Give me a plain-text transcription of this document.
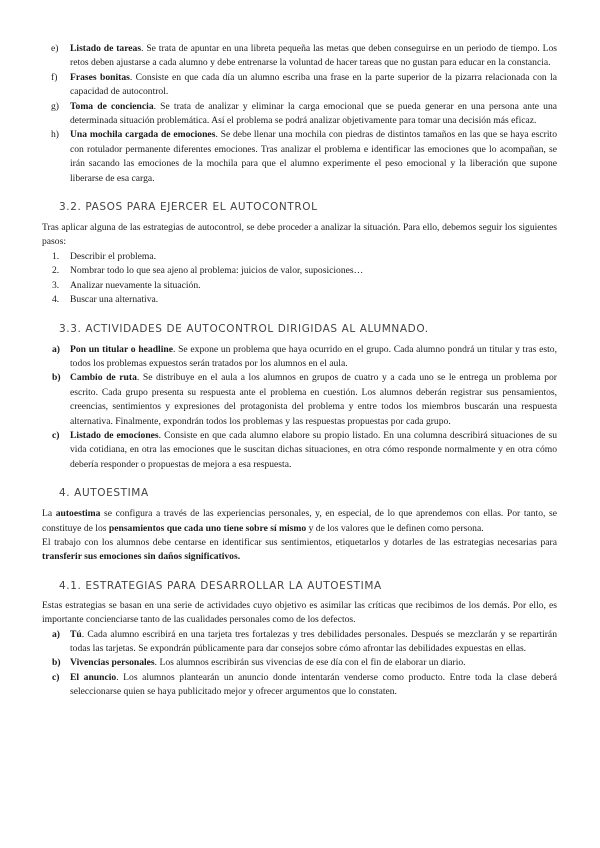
e) Listado de tareas. Se trata de apuntar en una libreta pequeña las metas que deben conseguirse en un periodo de tiempo. Los retos deben ajustarse a cada alumno y debe entrenarse la voluntad de hacer tareas que no gustan para educar en la constancia.
f) Frases bonitas. Consiste en que cada día un alumno escriba una frase en la parte superior de la pizarra relacionada con la capacidad de autocontrol.
g) Toma de conciencia. Se trata de analizar y eliminar la carga emocional que se pueda generar en una persona ante una determinada situación problemática. Así el problema se podrá analizar objetivamente para tomar una decisión más eficaz.
h) Una mochila cargada de emociones. Se debe llenar una mochila con piedras de distintos tamaños en las que se haya escrito con rotulador permanente diferentes emociones. Tras analizar el problema e identificar las emociones que lo acompañan, se irán sacando las emociones de la mochila para que el alumno experimente el peso emocional y la liberación que supone liberarse de esa carga.
3.2. PASOS PARA EJERCER EL AUTOCONTROL

Tras aplicar alguna de las estrategias de autocontrol, se debe proceder a analizar la situación. Para ello, debemos seguir los siguientes pasos:

1. Describir el problema.
2. Nombrar todo lo que sea ajeno al problema: juicios de valor, suposiciones…
3. Analizar nuevamente la situación.
4. Buscar una alternativa.
3.3. ACTIVIDADES DE AUTOCONTROL DIRIGIDAS AL ALUMNADO.
a) Pon un titular o headline. Se expone un problema que haya ocurrido en el grupo. Cada alumno pondrá un titular y tras esto, todos los problemas expuestos serán tratados por los alumnos en el aula.
b) Cambio de ruta. Se distribuye en el aula a los alumnos en grupos de cuatro y a cada uno se le entrega un problema por escrito. Cada grupo presenta su respuesta ante el problema en cuestión. Los alumnos deberán registrar sus pensamientos, creencias, sentimientos y expresiones del protagonista del problema y entre todos los miembros buscarán una respuesta alternativa. Finalmente, expondrán todos los problemas y las respuestas propuestas por cada grupo.
c) Listado de emociones. Consiste en que cada alumno elabore su propio listado. En una columna describirá situaciones de su vida cotidiana, en otra las emociones que le suscitan dichas situaciones, en otra cómo responde normalmente y en otra cómo debería responder o propuestas de mejora a esa respuesta.
4. AUTOESTIMA

La autoestima se configura a través de las experiencias personales, y, en especial, de lo que aprendemos con ellas. Por tanto, se constituye de los pensamientos que cada uno tiene sobre sí mismo y de los valores que le definen como persona.

El trabajo con los alumnos debe centarse en identificar sus sentimientos, etiquetarlos y dotarles de las estrategias necesarias para transferir sus emociones sin daños significativos.

4.1. ESTRATEGIAS PARA DESARROLLAR LA AUTOESTIMA

Estas estrategias se basan en una serie de actividades cuyo objetivo es asimilar las críticas que recibimos de los demás. Por ello, es importante concienciarse tanto de las cualidades personales como de los defectos.

a) Tú. Cada alumno escribirá en una tarjeta tres fortalezas y tres debilidades personales. Después se mezclarán y se repartirán todas las tarjetas. Se expondrán públicamente para dar consejos sobre cómo afrontar las debilidades expuestas en ellas.
b) Vivencias personales. Los alumnos escribirán sus vivencias de ese día con el fin de elaborar un diario.
c) El anuncio. Los alumnos plantearán un anuncio donde intentarán venderse como producto. Entre toda la clase deberá seleccionarse quien se haya publicitado mejor y ofrecer argumentos que lo constaten.
